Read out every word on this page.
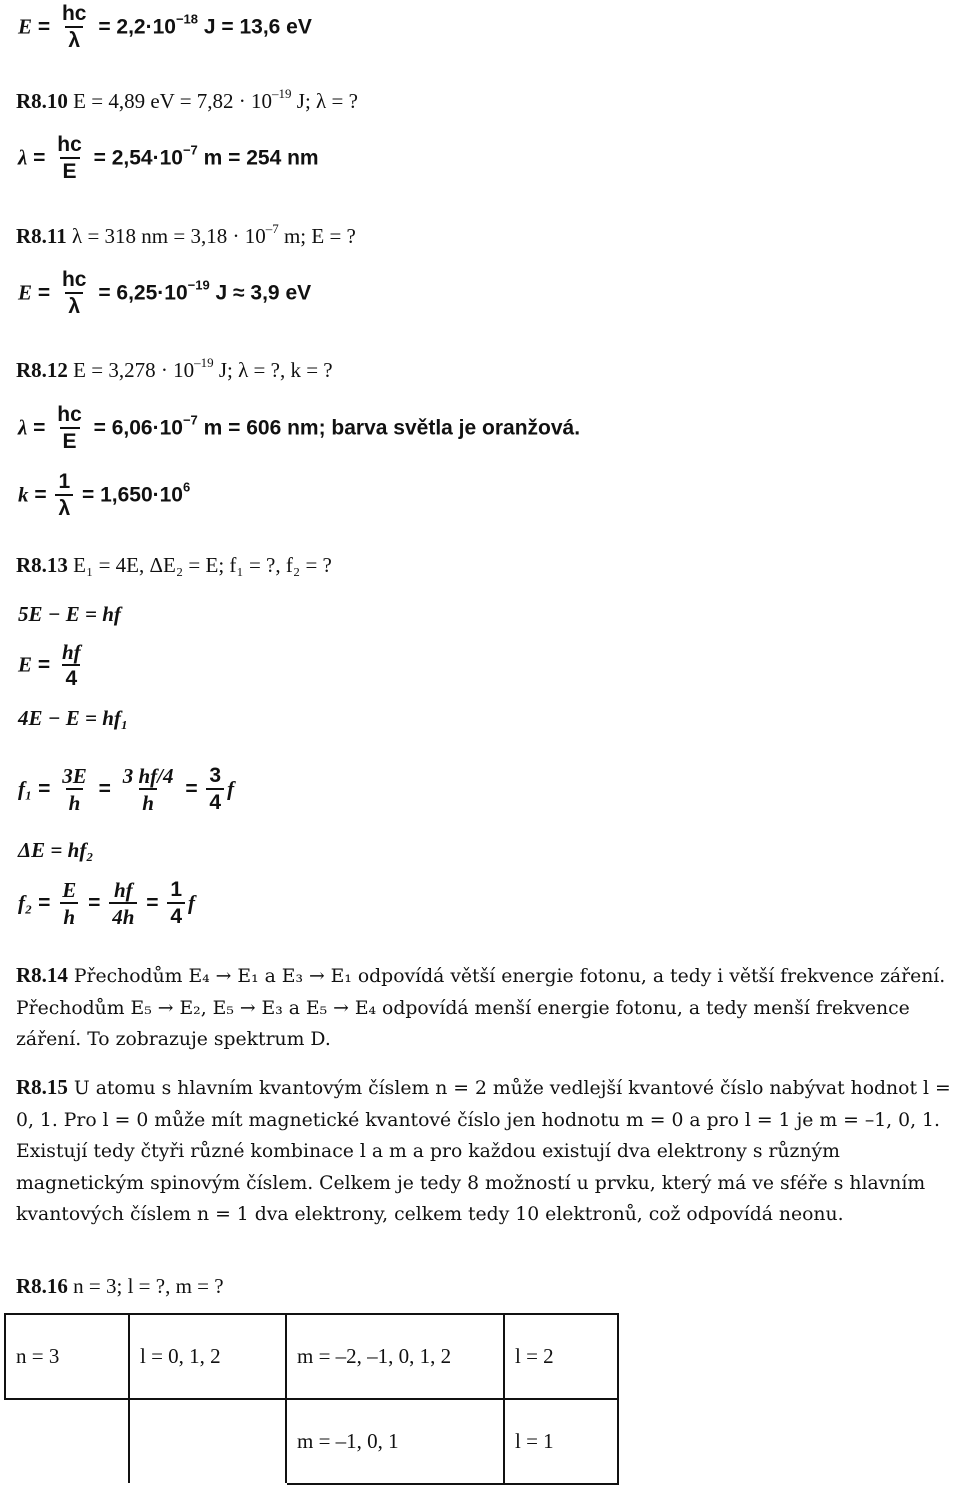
$E = \frac{hc}{\lambda} = 2,2\cdot 10^{-18}$ J = 13,6 eV
R8.10 E = 4,89 eV = $7,82 \cdot 10^{-19}$ J; λ = ?
$\lambda = \frac{hc}{E} = 2,54\cdot 10^{-7}$ m = 254 nm
R8.11 λ = 318 nm = $3,18 \cdot 10^{-7}$ m; E = ?
$E = \frac{hc}{\lambda} = 6,25\cdot 10^{-19}$ J ≈ 3,9 eV
R8.12 $E = 3,278 \cdot 10^{-19}$ J; λ = ?, k = ?
$\lambda = \frac{hc}{E} = 6,06\cdot 10^{-7}$ m = 606 nm; barva světla je oranžová.
$k = \frac{1}{\lambda} = 1,650\cdot 10^6$
R8.13 E₁ = 4E, ΔE₂ = E; f₁ = ?, f₂ = ?
5E − E = hf
$E = \frac{hf}{4}$
4E − E = hf₁
$f_1 = \frac{3E}{h} = \frac{3 hf/4}{h} = \frac{3}{4}$ f
ΔE = hf₂
$f_2 = \frac{E}{h} = \frac{hf}{4h} = \frac{1}{4}$ f
R8.14 Přechodům E₄ → E₁ a E₃ → E₁ odpovídá větší energie fotonu, a tedy i větší frekvence záření. Přechodům E₅ → E₂, E₅ → E₃ a E₅ → E₄ odpovídá menší energie fotonu, a tedy menší frekvence záření. To zobrazuje spektrum D.
R8.15 U atomu s hlavním kvantovým číslem n = 2 může vedlejší kvantové číslo nabývat hodnot l = 0, 1. Pro l = 0 může mít magnetické kvantové číslo jen hodnotu m = 0 a pro l = 1 je m = –1, 0, 1. Existují tedy čtyři různé kombinace l a m a pro každou existují dva elektrony s různým magnetickým spinovým číslem. Celkem je tedy 8 možností u prvku, který má ve sféře s hlavním kvantových číslem n = 1 dva elektrony, celkem tedy 10 elektronů, což odpovídá neonu.
R8.16 n = 3; l = ?, m = ?
n = 3	l = 0, 1, 2	m = –2, –1, 0, 1, 2	l = 2
		m = –1, 0, 1	l = 1
